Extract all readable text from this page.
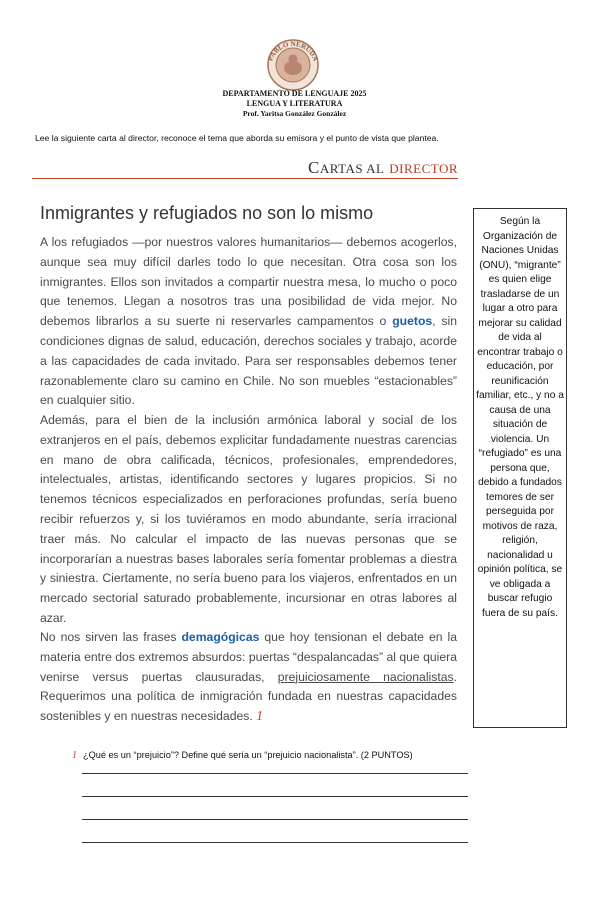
PABLO NERUDA
DEPARTAMENTO DE LENGUAJE 2025
LENGUA Y LITERATURA
Prof. Yaritsa González González
Lee la siguiente carta al director, reconoce el tema que aborda su emisora y el punto de vista que plantea.
CARTAS AL DIRECTOR
Inmigrantes y refugiados no son lo mismo
A los refugiados —por nuestros valores humanitarios— debemos acogerlos, aunque sea muy difícil darles todo lo que necesitan. Otra cosa son los inmigrantes. Ellos son invitados a compartir nuestra mesa, lo mucho o poco que tenemos. Llegan a nosotros tras una posibilidad de vida mejor. No debemos librarlos a su suerte ni reservarles campamentos o guetos, sin condiciones dignas de salud, educación, derechos sociales y trabajo, acorde a las capacidades de cada invitado. Para ser responsables debemos tener razonablemente claro su camino en Chile. No son muebles “estacionables” en cualquier sitio.
Además, para el bien de la inclusión armónica laboral y social de los extranjeros en el país, debemos explicitar fundadamente nuestras carencias en mano de obra calificada, técnicos, profesionales, emprendedores, intelectuales, artistas, identificando sectores y lugares propicios. Si no tenemos técnicos especializados en perforaciones profundas, sería bueno recibir refuerzos y, si los tuviéramos en modo abundante, sería irracional traer más. No calcular el impacto de las nuevas personas que se incorporarían a nuestras bases laborales sería fomentar problemas a diestra y siniestra. Ciertamente, no sería bueno para los viajeros, enfrentados en un mercado sectorial saturado probablemente, incursionar en otras labores al azar.
No nos sirven las frases demagógicas que hoy tensionan el debate en la materia entre dos extremos absurdos: puertas “despalancadas” al que quiera venirse versus puertas clausuradas, prejuiciosamente nacionalistas. Requerimos una política de inmigración fundada en nuestras capacidades sostenibles y en nuestras necesidades. 1
Según la Organización de Naciones Unidas (ONU), “migrante” es quien elige trasladarse de un lugar a otro para mejorar su calidad de vida al encontrar trabajo o educación, por reunificación familiar, etc., y no a causa de una situación de violencia. Un “refugiado” es una persona que, debido a fundados temores de ser perseguida por motivos de raza, religión, nacionalidad u opinión política, se ve obligada a buscar refugio fuera de su país.
1 ¿Qué es un “prejuicio”? Define qué sería un “prejuicio nacionalista”. (2 PUNTOS)
